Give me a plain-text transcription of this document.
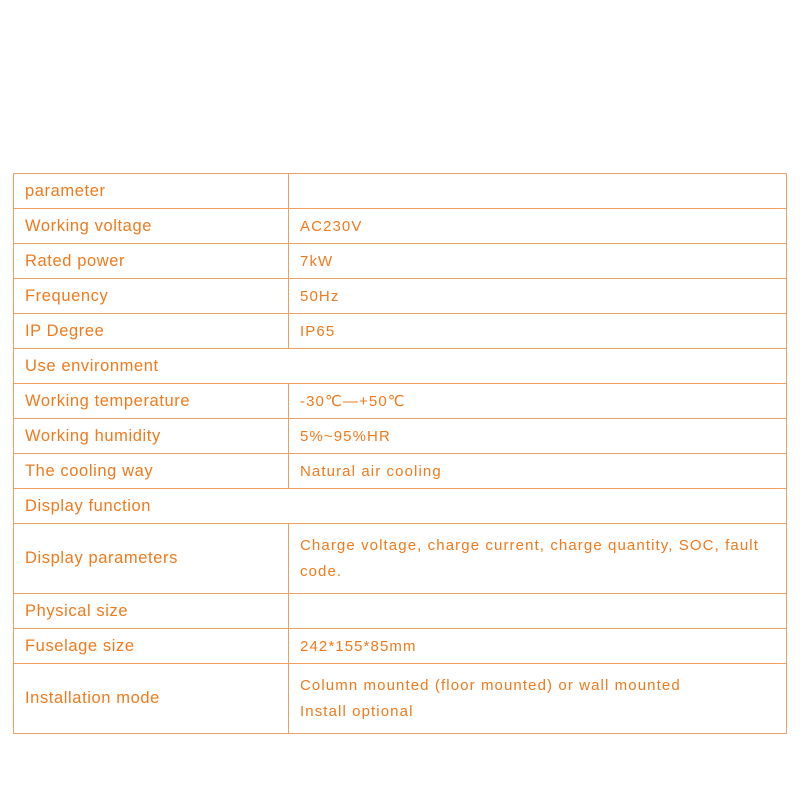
parameter	
Working voltage	AC230V
Rated power	7kW
Frequency	50Hz
IP Degree	IP65
Use environment	
Working temperature	-30℃—+50℃
Working humidity	5%~95%HR
The cooling way	Natural air cooling
Display function	
Display parameters	Charge voltage, charge current, charge quantity, SOC, fault code.
Physical size	
Fuselage size	242*155*85mm
Installation mode	Column mounted (floor mounted) or wall mounted
Install optional
